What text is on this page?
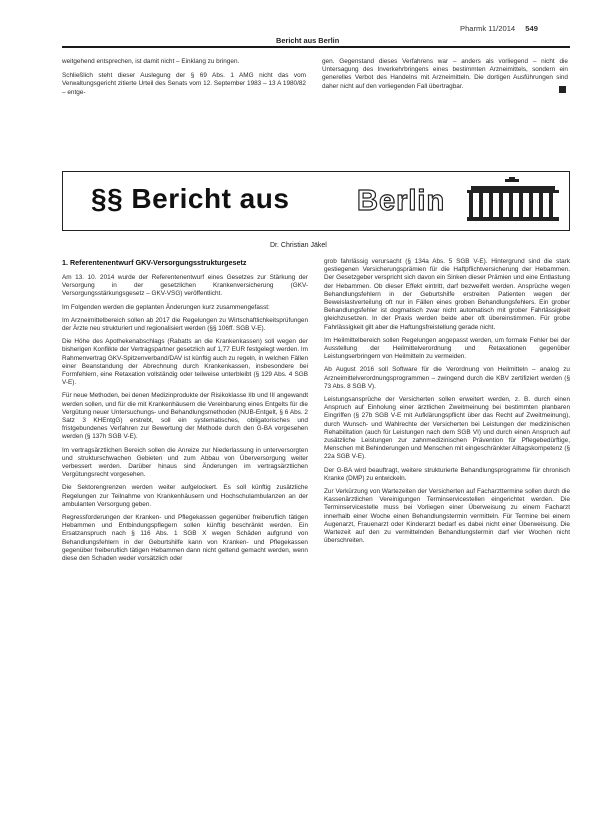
Pharmk 11/2014 549
Bericht aus Berlin

weitgehend entsprechen, ist damit nicht – Einklang zu bringen.

Schließlich steht dieser Auslegung der § 69 Abs. 1 AMG nicht das vom Verwaltungsgericht zitierte Urteil des Senats vom 12. September 1983 – 13 A 1980/82 – entge-

gen. Gegenstand dieses Verfahrens war – anders als vorliegend – nicht die Untersagung des Inverkehrbringens eines bestimmten Arzneimittels, sondern ein generelles Verbot des Handelns mit Arzneimitteln. Die dortigen Ausführungen sind daher nicht auf den vorliegenden Fall übertragbar.

§§ Bericht aus Berlin
Dr. Christian Jäkel
1. Referentenentwurf GKV-Versorgungsstrukturgesetz

Am 13. 10. 2014 wurde der Referentenentwurf eines Gesetzes zur Stärkung der Versorgung in der gesetzlichen Krankenversicherung (GKV-Versorgungsstärkungsgesetz – GKV-VSG) veröffentlicht.

Im Folgenden werden die geplanten Änderungen kurz zusammengefasst:

Im Arzneimittelbereich sollen ab 2017 die Regelungen zu Wirtschaftlichkeitsprüfungen der Ärzte neu strukturiert und regionalisiert werden (§§ 106ff. SGB V-E).

Die Höhe des Apothekenabschlags (Rabatts an die Krankenkassen) soll wegen der bisherigen Konflikte der Vertragspartner gesetzlich auf 1,77 EUR festgelegt werden. Im Rahmenvertrag GKV-Spitzenverband/DAV ist künftig auch zu regeln, in welchen Fällen einer Beanstandung der Abrechnung durch Krankenkassen, insbesondere bei Formfehlern, eine Retaxation vollständig oder teilweise unterbleibt (§ 129 Abs. 4 SGB V-E).

Für neue Methoden, bei denen Medizinprodukte der Risikoklasse IIb und III angewandt werden sollen, und für die mit Krankenhäusern die Vereinbarung eines Entgelts für die Vergütung neuer Untersuchungs- und Behandlungsmethoden (NUB-Entgelt, § 6 Abs. 2 Satz 3 KHEntgG) erstrebt, soll ein systematisches, obligatorisches und fristgebundenes Verfahren zur Bewertung der Methode durch den G-BA vorgesehen werden (§ 137h SGB V-E).

Im vertragsärztlichen Bereich sollen die Anreize zur Niederlassung in unterversorgten und strukturschwachen Gebieten und zum Abbau von Überversorgung weiter verbessert werden. Darüber hinaus sind Änderungen im vertragsärztlichen Vergütungsrecht vorgesehen.

Die Sektorengrenzen werden weiter aufgelockert. Es soll künftig zusätzliche Regelungen zur Teilnahme von Krankenhäusern und Hochschulambulanzen an der ambulanten Versorgung geben.

Regressforderungen der Kranken- und Pflegekassen gegenüber freiberuflich tätigen Hebammen und Entbindungspflegern sollen künftig beschränkt werden. Ein Ersatzanspruch nach § 116 Abs. 1 SGB X wegen Schäden aufgrund von Behandlungsfehlern in der Geburtshilfe kann von Kranken- und Pflegekassen gegenüber freiberuflich tätigen Hebammen dann nicht geltend gemacht werden, wenn diese den Schaden weder vorsätzlich oder

grob fahrlässig verursacht (§ 134a Abs. 5 SGB V-E). Hintergrund sind die stark gestiegenen Versicherungsprämien für die Haftpflichtversicherung der Hebammen. Der Gesetzgeber verspricht sich davon ein Sinken dieser Prämien und eine Entlastung der Hebammen. Ob dieser Effekt eintritt, darf bezweifelt werden. Ansprüche wegen Behandlungsfehlern in der Geburtshilfe erstreiten Patienten wegen der Beweislastverteilung oft nur in Fällen eines groben Behandlungsfehlers. Ein grober Behandlungsfehler ist dogmatisch zwar nicht automatisch mit grober Fahrlässigkeit gleichzusetzen. In der Praxis werden beide aber oft übereinstimmen. Für grobe Fahrlässigkeit gilt aber die Haftungsfreistellung gerade nicht.

Im Heilmittelbereich sollen Regelungen angepasst werden, um formale Fehler bei der Ausstellung der Heilmittelverordnung und Retaxationen gegenüber Leistungserbringern von Heilmitteln zu vermeiden.

Ab August 2016 soll Software für die Verordnung von Heilmitteln – analog zu Arzneimittelverordnungsprogrammen – zwingend durch die KBV zertifiziert werden (§ 73 Abs. 8 SGB V).

Leistungsansprüche der Versicherten sollen erweitert werden, z. B. durch einen Anspruch auf Einholung einer ärztlichen Zweitmeinung bei bestimmten planbaren Eingriffen (§ 27b SGB V-E mit Aufklärungspflicht über das Recht auf Zweitmeinung), durch Wunsch- und Wahlrechte der Versicherten bei Leistungen der medizinischen Rehabilitation (auch für Leistungen nach dem SGB VI) und durch einen Anspruch auf zusätzliche Leistungen zur zahnmedizinischen Prävention für Pflegebedürftige, Menschen mit Behinderungen und Menschen mit eingeschränkter Alltagskompetenz (§ 22a SGB V-E).

Der G-BA wird beauftragt, weitere strukturierte Behandlungsprogramme für chronisch Kranke (DMP) zu entwickeln.

Zur Verkürzung von Wartezeiten der Versicherten auf Facharzttermine sollen durch die Kassenärztlichen Vereinigungen Terminservicestellen eingerichtet werden. Die Terminservicestelle muss bei Vorliegen einer Überweisung zu einem Facharzt innerhalb einer Woche einen Behandlungstermin vermitteln. Für Termine bei einem Augenarzt, Frauenarzt oder Kinderarzt bedarf es dabei nicht einer Überweisung. Die Wartezeit auf den zu vermittelnden Behandlungstermin darf vier Wochen nicht überschreiten.
